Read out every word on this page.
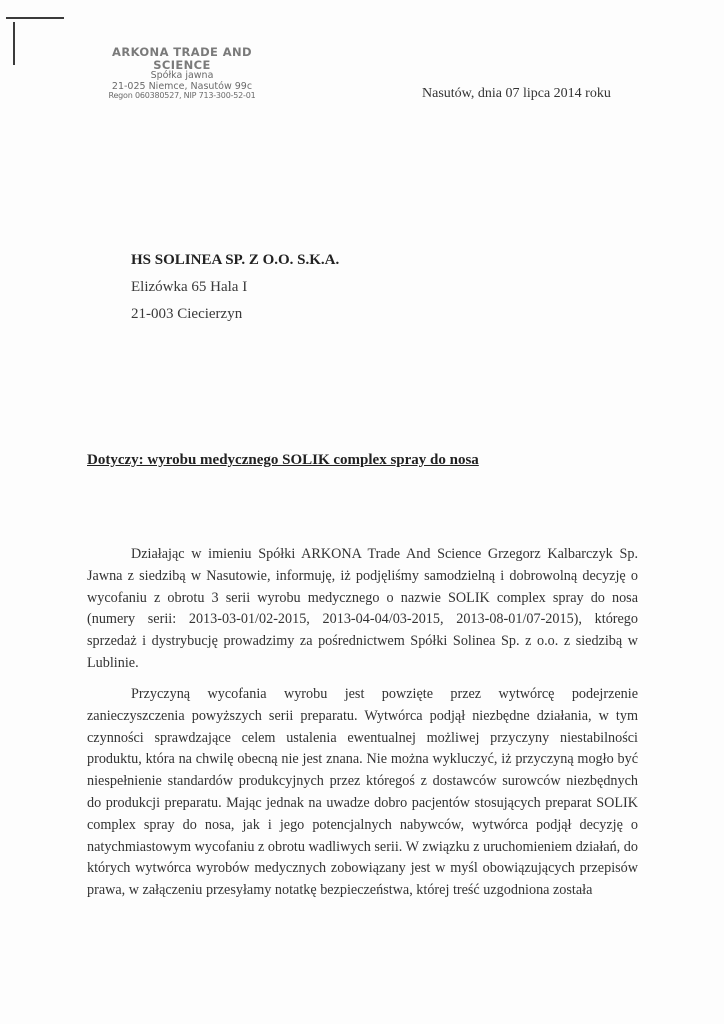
ARKONA TRADE AND SCIENCE
Spółka jawna
21-025 Niemce, Nasutów 99c
Regon 060380527, NIP 713-300-52-01	Nasutów, dnia 07 lipca 2014 roku
HS SOLINEA SP. Z O.O. S.K.A.
Elizówka 65 Hala I
21-003 Ciecierzyn
Dotyczy: wyrobu medycznego SOLIK complex spray do nosa
Działając w imieniu Spółki ARKONA Trade And Science Grzegorz Kalbarczyk Sp. Jawna z siedzibą w Nasutowie, informuję, iż podjęliśmy samodzielną i dobrowolną decyzję o wycofaniu z obrotu 3 serii wyrobu medycznego o nazwie SOLIK complex spray do nosa (numery serii: 2013-03-01/02-2015, 2013-04-04/03-2015, 2013-08-01/07-2015), którego sprzedaż i dystrybucję prowadzimy za pośrednictwem Spółki Solinea Sp. z o.o. z siedzibą w Lublinie.
Przyczyną wycofania wyrobu jest powzięte przez wytwórcę podejrzenie zanieczyszczenia powyższych serii preparatu. Wytwórca podjął niezbędne działania, w tym czynności sprawdzające celem ustalenia ewentualnej możliwej przyczyny niestabilności produktu, która na chwilę obecną nie jest znana. Nie można wykluczyć, iż przyczyną mogło być niespełnienie standardów produkcyjnych przez któregoś z dostawców surowców niezbędnych do produkcji preparatu. Mając jednak na uwadze dobro pacjentów stosujących preparat SOLIK complex spray do nosa, jak i jego potencjalnych nabywców, wytwórca podjął decyzję o natychmiastowym wycofaniu z obrotu wadliwych serii. W związku z uruchomieniem działań, do których wytwórca wyrobów medycznych zobowiązany jest w myśl obowiązujących przepisów prawa, w załączeniu przesyłamy notatkę bezpieczeństwa, której treść uzgodniona została
